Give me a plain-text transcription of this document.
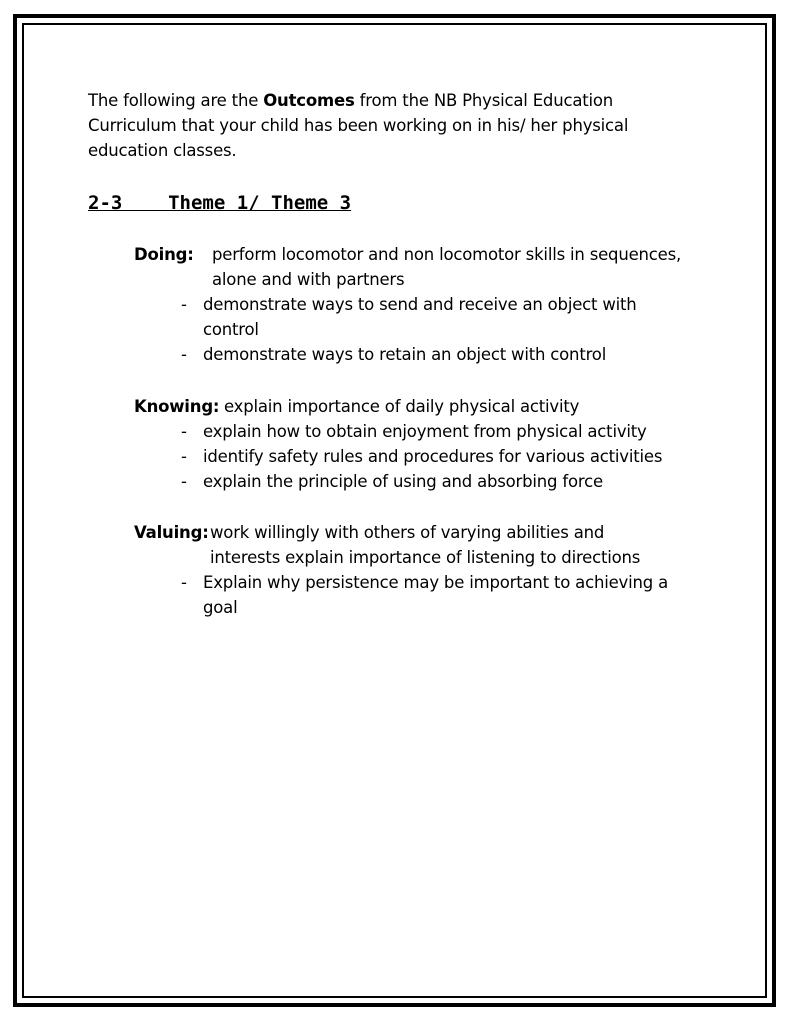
The following are the Outcomes from the NB Physical Education
Curriculum that your child has been working on in his/ her physical
education classes.
2-3    Theme 1/ Theme 3
Doing: perform locomotor and non locomotor skills in sequences,
alone and with partners
- demonstrate ways to send and receive an object with
control
- demonstrate ways to retain an object with control
Knowing: explain importance of daily physical activity
- explain how to obtain enjoyment from physical activity
- identify safety rules and procedures for various activities
- explain the principle of using and absorbing force
Valuing: work willingly with others of varying abilities and
interests explain importance of listening to directions
- Explain why persistence may be important to achieving a
goal
